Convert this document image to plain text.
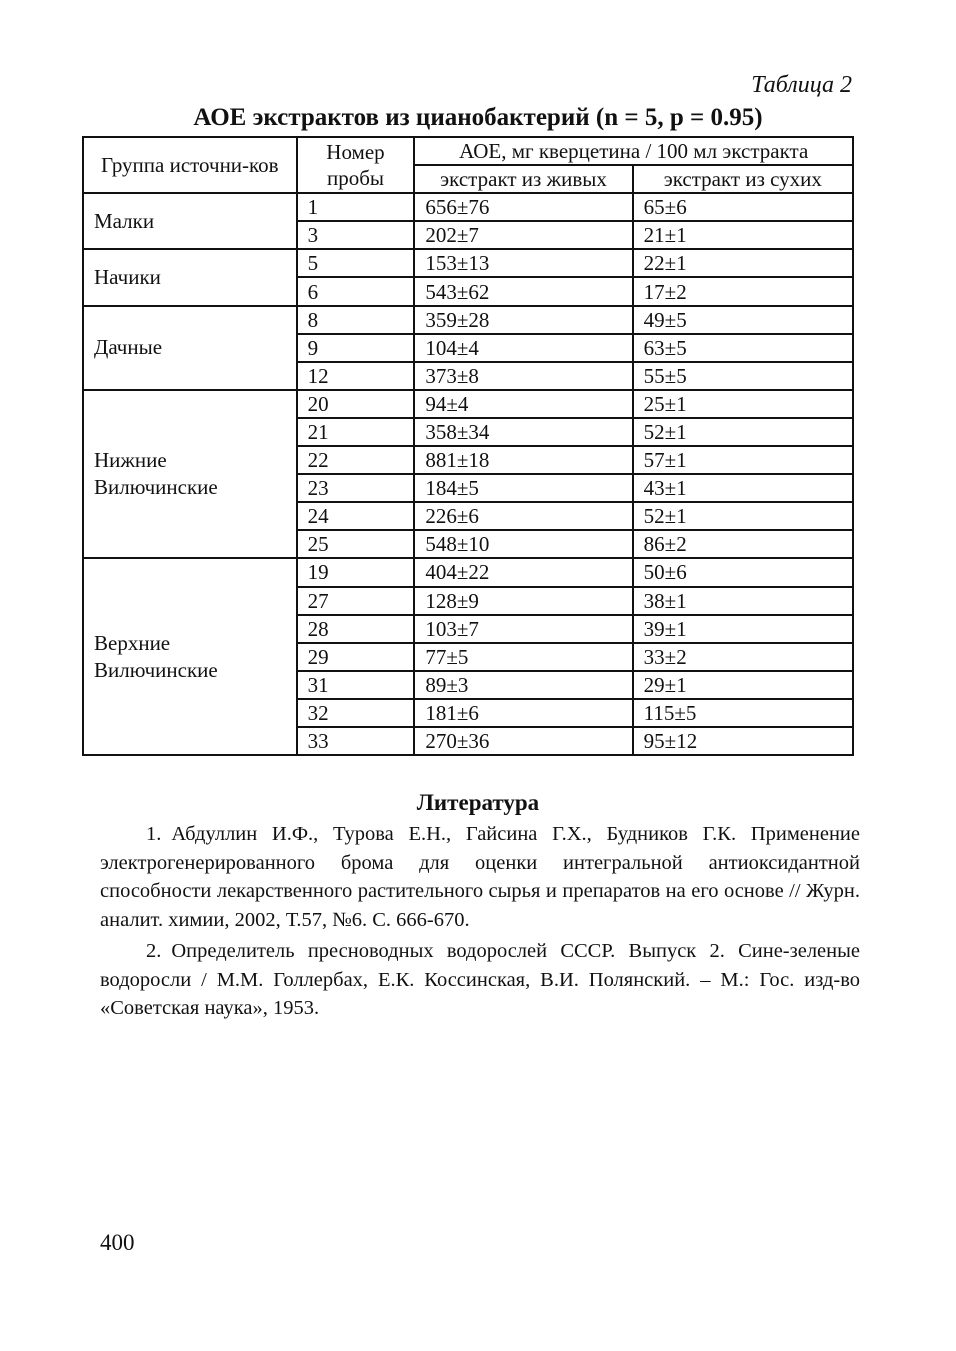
Таблица 2
АОЕ экстрактов из цианобактерий (n = 5, p = 0.95)
Группа источни-ков	Номер пробы	АОЕ, мг кверцетина / 100 мл экстракта	
		экстракт из живых	экстракт из сухих
Малки	1	656±76	65±6
	3	202±7	21±1
Начики	5	153±13	22±1
	6	543±62	17±2
Дачные	8	359±28	49±5
	9	104±4	63±5
	12	373±8	55±5
Нижние Вилючинские	20	94±4	25±1
	21	358±34	52±1
	22	881±18	57±1
	23	184±5	43±1
	24	226±6	52±1
	25	548±10	86±2
Верхние Вилючинские	19	404±22	50±6
	27	128±9	38±1
	28	103±7	39±1
	29	77±5	33±2
	31	89±3	29±1
	32	181±6	115±5
	33	270±36	95±12
Литература

1. Абдуллин И.Ф., Турова Е.Н., Гайсина Г.Х., Будников Г.К. Применение электрогенерированного брома для оценки интегральной антиоксидантной способности лекарственного растительного сырья и препаратов на его основе // Журн. аналит. химии, 2002, Т.57, №6. С. 666-670.

2. Определитель пресноводных водорослей СССР. Выпуск 2. Сине-зеленые водоросли / М.М. Голлербах, Е.К. Коссинская, В.И. Полянский. – М.: Гос. изд-во «Советская наука», 1953.

400
